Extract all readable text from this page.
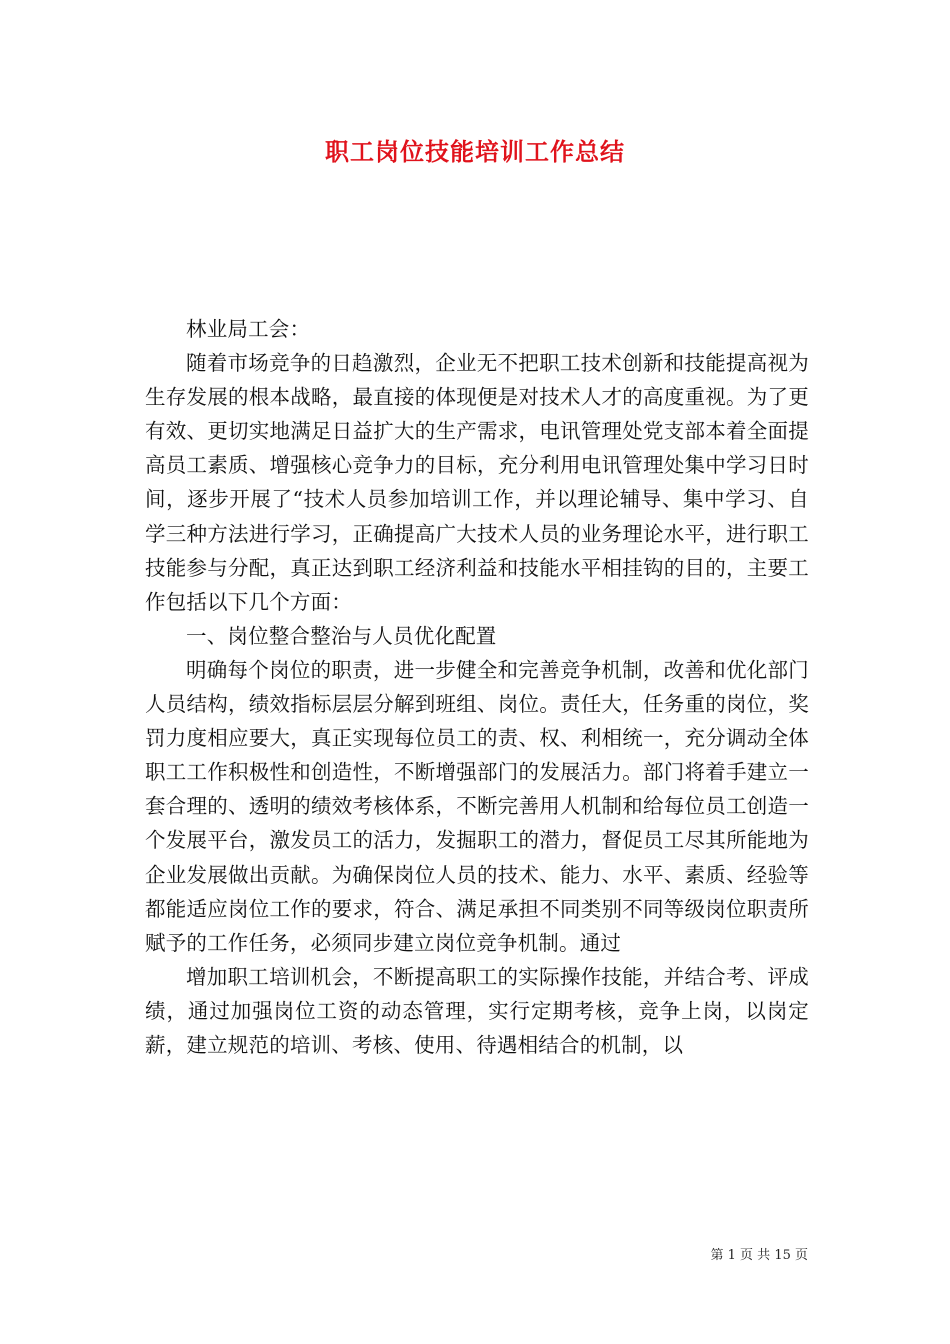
职工岗位技能培训工作总结

林业局工会：

随着市场竞争的日趋激烈，企业无不把职工技术创新和技能提高视为生存发展的根本战略，最直接的体现便是对技术人才的高度重视。为了更有效、更切实地满足日益扩大的生产需求，电讯管理处党支部本着全面提高员工素质、增强核心竞争力的目标，充分利用电讯管理处集中学习日时间，逐步开展了“技术人员参加培训工作，并以理论辅导、集中学习、自学三种方法进行学习，正确提高广大技术人员的业务理论水平，进行职工技能参与分配，真正达到职工经济利益和技能水平相挂钩的目的，主要工作包括以下几个方面：

一、岗位整合整治与人员优化配置

明确每个岗位的职责，进一步健全和完善竞争机制，改善和优化部门人员结构，绩效指标层层分解到班组、岗位。责任大，任务重的岗位，奖罚力度相应要大，真正实现每位员工的责、权、利相统一，充分调动全体职工工作积极性和创造性，不断增强部门的发展活力。部门将着手建立一套合理的、透明的绩效考核体系，不断完善用人机制和给每位员工创造一个发展平台，激发员工的活力，发掘职工的潜力，督促员工尽其所能地为企业发展做出贡献。为确保岗位人员的技术、能力、水平、素质、经验等都能适应岗位工作的要求，符合、满足承担不同类别不同等级岗位职责所赋予的工作任务，必须同步建立岗位竞争机制。通过

增加职工培训机会，不断提高职工的实际操作技能，并结合考、评成绩，通过加强岗位工资的动态管理，实行定期考核，竞争上岗，以岗定薪，建立规范的培训、考核、使用、待遇相结合的机制，以

第 1 页 共 15 页
